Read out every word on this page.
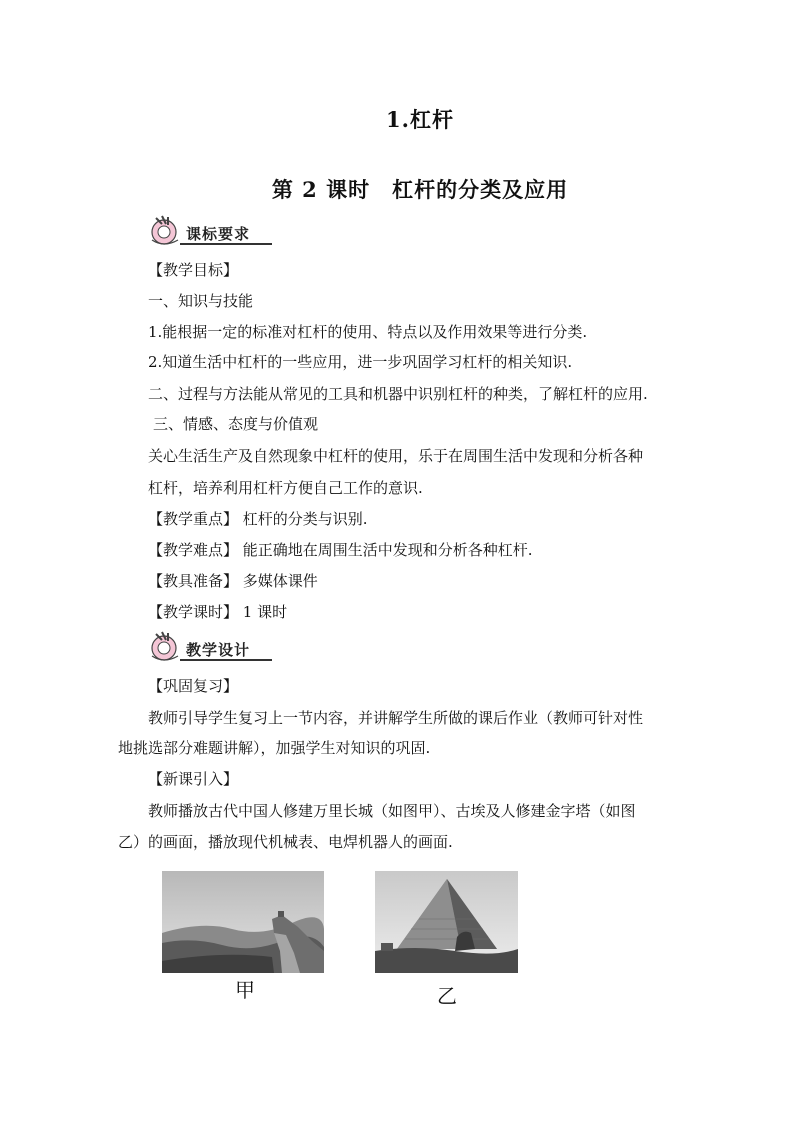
1.杠杆
第 2 课时 杠杆的分类及应用
课标要求
【教学目标】
一、知识与技能
1.能根据一定的标准对杠杆的使用、特点以及作用效果等进行分类.
2.知道生活中杠杆的一些应用，进一步巩固学习杠杆的相关知识.
二、过程与方法能从常见的工具和机器中识别杠杆的种类，了解杠杆的应用.
三、情感、态度与价值观
关心生活生产及自然现象中杠杆的使用，乐于在周围生活中发现和分析各种
杠杆，培养利用杠杆方便自己工作的意识.
【教学重点】 杠杆的分类与识别.
【教学难点】 能正确地在周围生活中发现和分析各种杠杆.
【教具准备】 多媒体课件
【教学课时】 1 课时
教学设计
【巩固复习】
教师引导学生复习上一节内容，并讲解学生所做的课后作业（教师可针对性
地挑选部分难题讲解），加强学生对知识的巩固.
【新课引入】
教师播放古代中国人修建万里长城（如图甲）、古埃及人修建金字塔（如图
乙）的画面，播放现代机械表、电焊机器人的画面.
甲	乙
